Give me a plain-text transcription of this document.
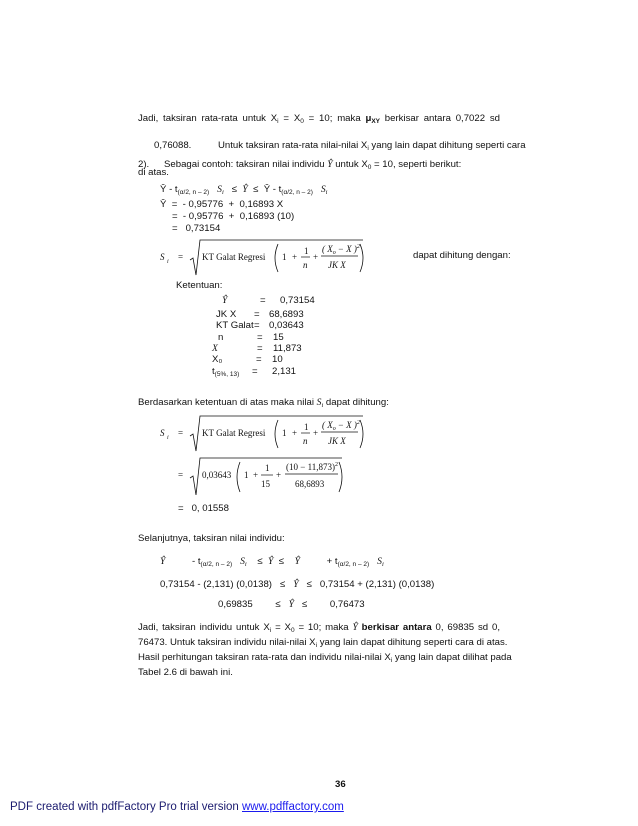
Jadi, taksiran rata-rata untuk $X_i = X_0 = 10$; maka $\mu_{XY}$ berkisar antara 0,7022 sd

0,76088.          Untuk taksiran rata-rata nilai-nilai $X_i$ yang lain dapat dihitung seperti cara

di atas.
2). Sebagai contoh: taksiran nilai individu Ŷ untuk $X_0 = 10$, seperti berikut:
Ŷ - $t_{(\alpha/2, n - 2)}$ $S_i$ ≤ Ŷ ≤ Ŷ - $t_{(\alpha/2, n - 2)}$ $S_i$
Ŷ  =  - 0,95776  +  0,16893 X
=  - 0,95776  +  0,16893 (10)
=   0,73154
S i = KT Galat Regresi 1 +
1
n
+
( $X_o - X$ )$^2$
JK X
dapat dihitung dengan:
Ketentuan:
Ŷ	= 0,73154
JK X = 68,6893
KT Galat = 0,03643
n	= 15
X	= 11,873
X₀	= 10
$t_{(5\%, 13)} = 2,131$
Berdasarkan ketentuan di atas maka nilai $S_i$ dapat dihitung:
S i = KT Galat Regresi 1 +
1
n
+
( $X_o - X$ )$^2$
JK X
= 0,03643 1 +
1
15
+
$(10 - 11,873)^2$
68,6893
=   0, 01558
Selanjutnya, taksiran nilai individu:
Ŷ	- $t_{(\alpha/2, n - 2)}$ $S_i$ ≤ Ŷ ≤ Ŷ	+ $t_{(\alpha/2, n - 2)}$ $S_i$
0,73154 - (2,131) (0,0138) ≤ Ŷ ≤ 0,73154 + (2,131) (0,0138)
0,69835 ≤ Ŷ ≤ 0,76473
Jadi, taksiran individu untuk $X_i = X_0 = 10$; maka Ŷ berkisar antara 0, 69835 sd 0,
76473. Untuk taksiran individu nilai-nilai $X_i$ yang lain dapat dihitung seperti cara di atas.
Hasil perhitungan taksiran rata-rata dan individu nilai-nilai $X_i$ yang lain dapat dilihat pada
Tabel 2.6 di bawah ini.
36
PDF created with pdfFactory Pro trial version www.pdffactory.com
